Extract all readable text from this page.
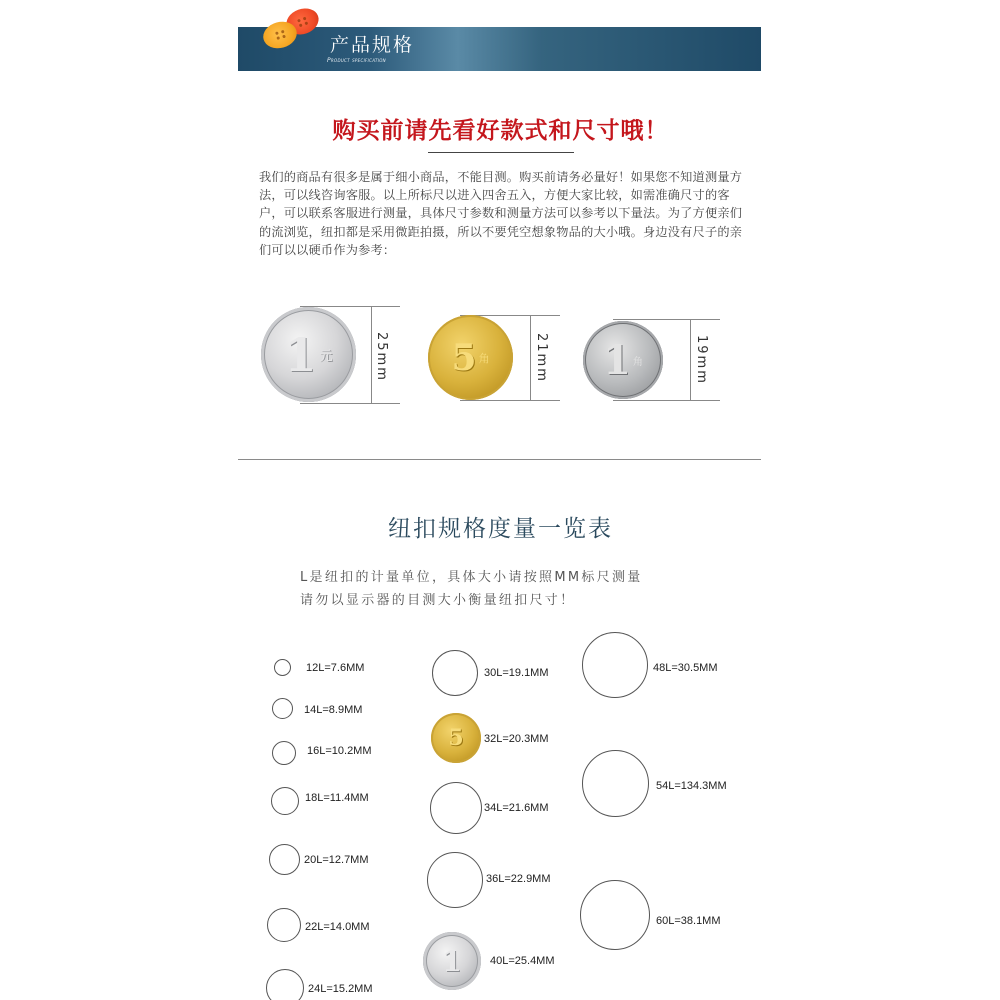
产品规格
Product specification
购买前请先看好款式和尺寸哦！
我们的商品有很多是属于细小商品，不能目测。购买前请务必量好！如果您不知道测量方法，可以线咨询客服。以上所标尺以进入四舍五入，方便大家比较，如需准确尺寸的客户，可以联系客服进行测量，具体尺寸参数和测量方法可以参考以下量法。为了方便亲们的流浏览，纽扣都是采用微距拍摄，所以不要凭空想象物品的大小哦。身边没有尺子的亲们可以以硬币作为参考：
1 元	25mm 5 角	21mm 1 角	19mm
纽扣规格度量一览表
L是纽扣的计量单位，具体大小请按照MM标尺测量
请勿以显示器的目测大小衡量纽扣尺寸！
12L=7.6MM
14L=8.9MM
16L=10.2MM
18L=11.4MM
20L=12.7MM
22L=14.0MM
24L=15.2MM
30L=19.1MM
5 32L=20.3MM
34L=21.6MM
36L=22.9MM
1	40L=25.4MM
48L=30.5MM
54L=134.3MM
60L=38.1MM
